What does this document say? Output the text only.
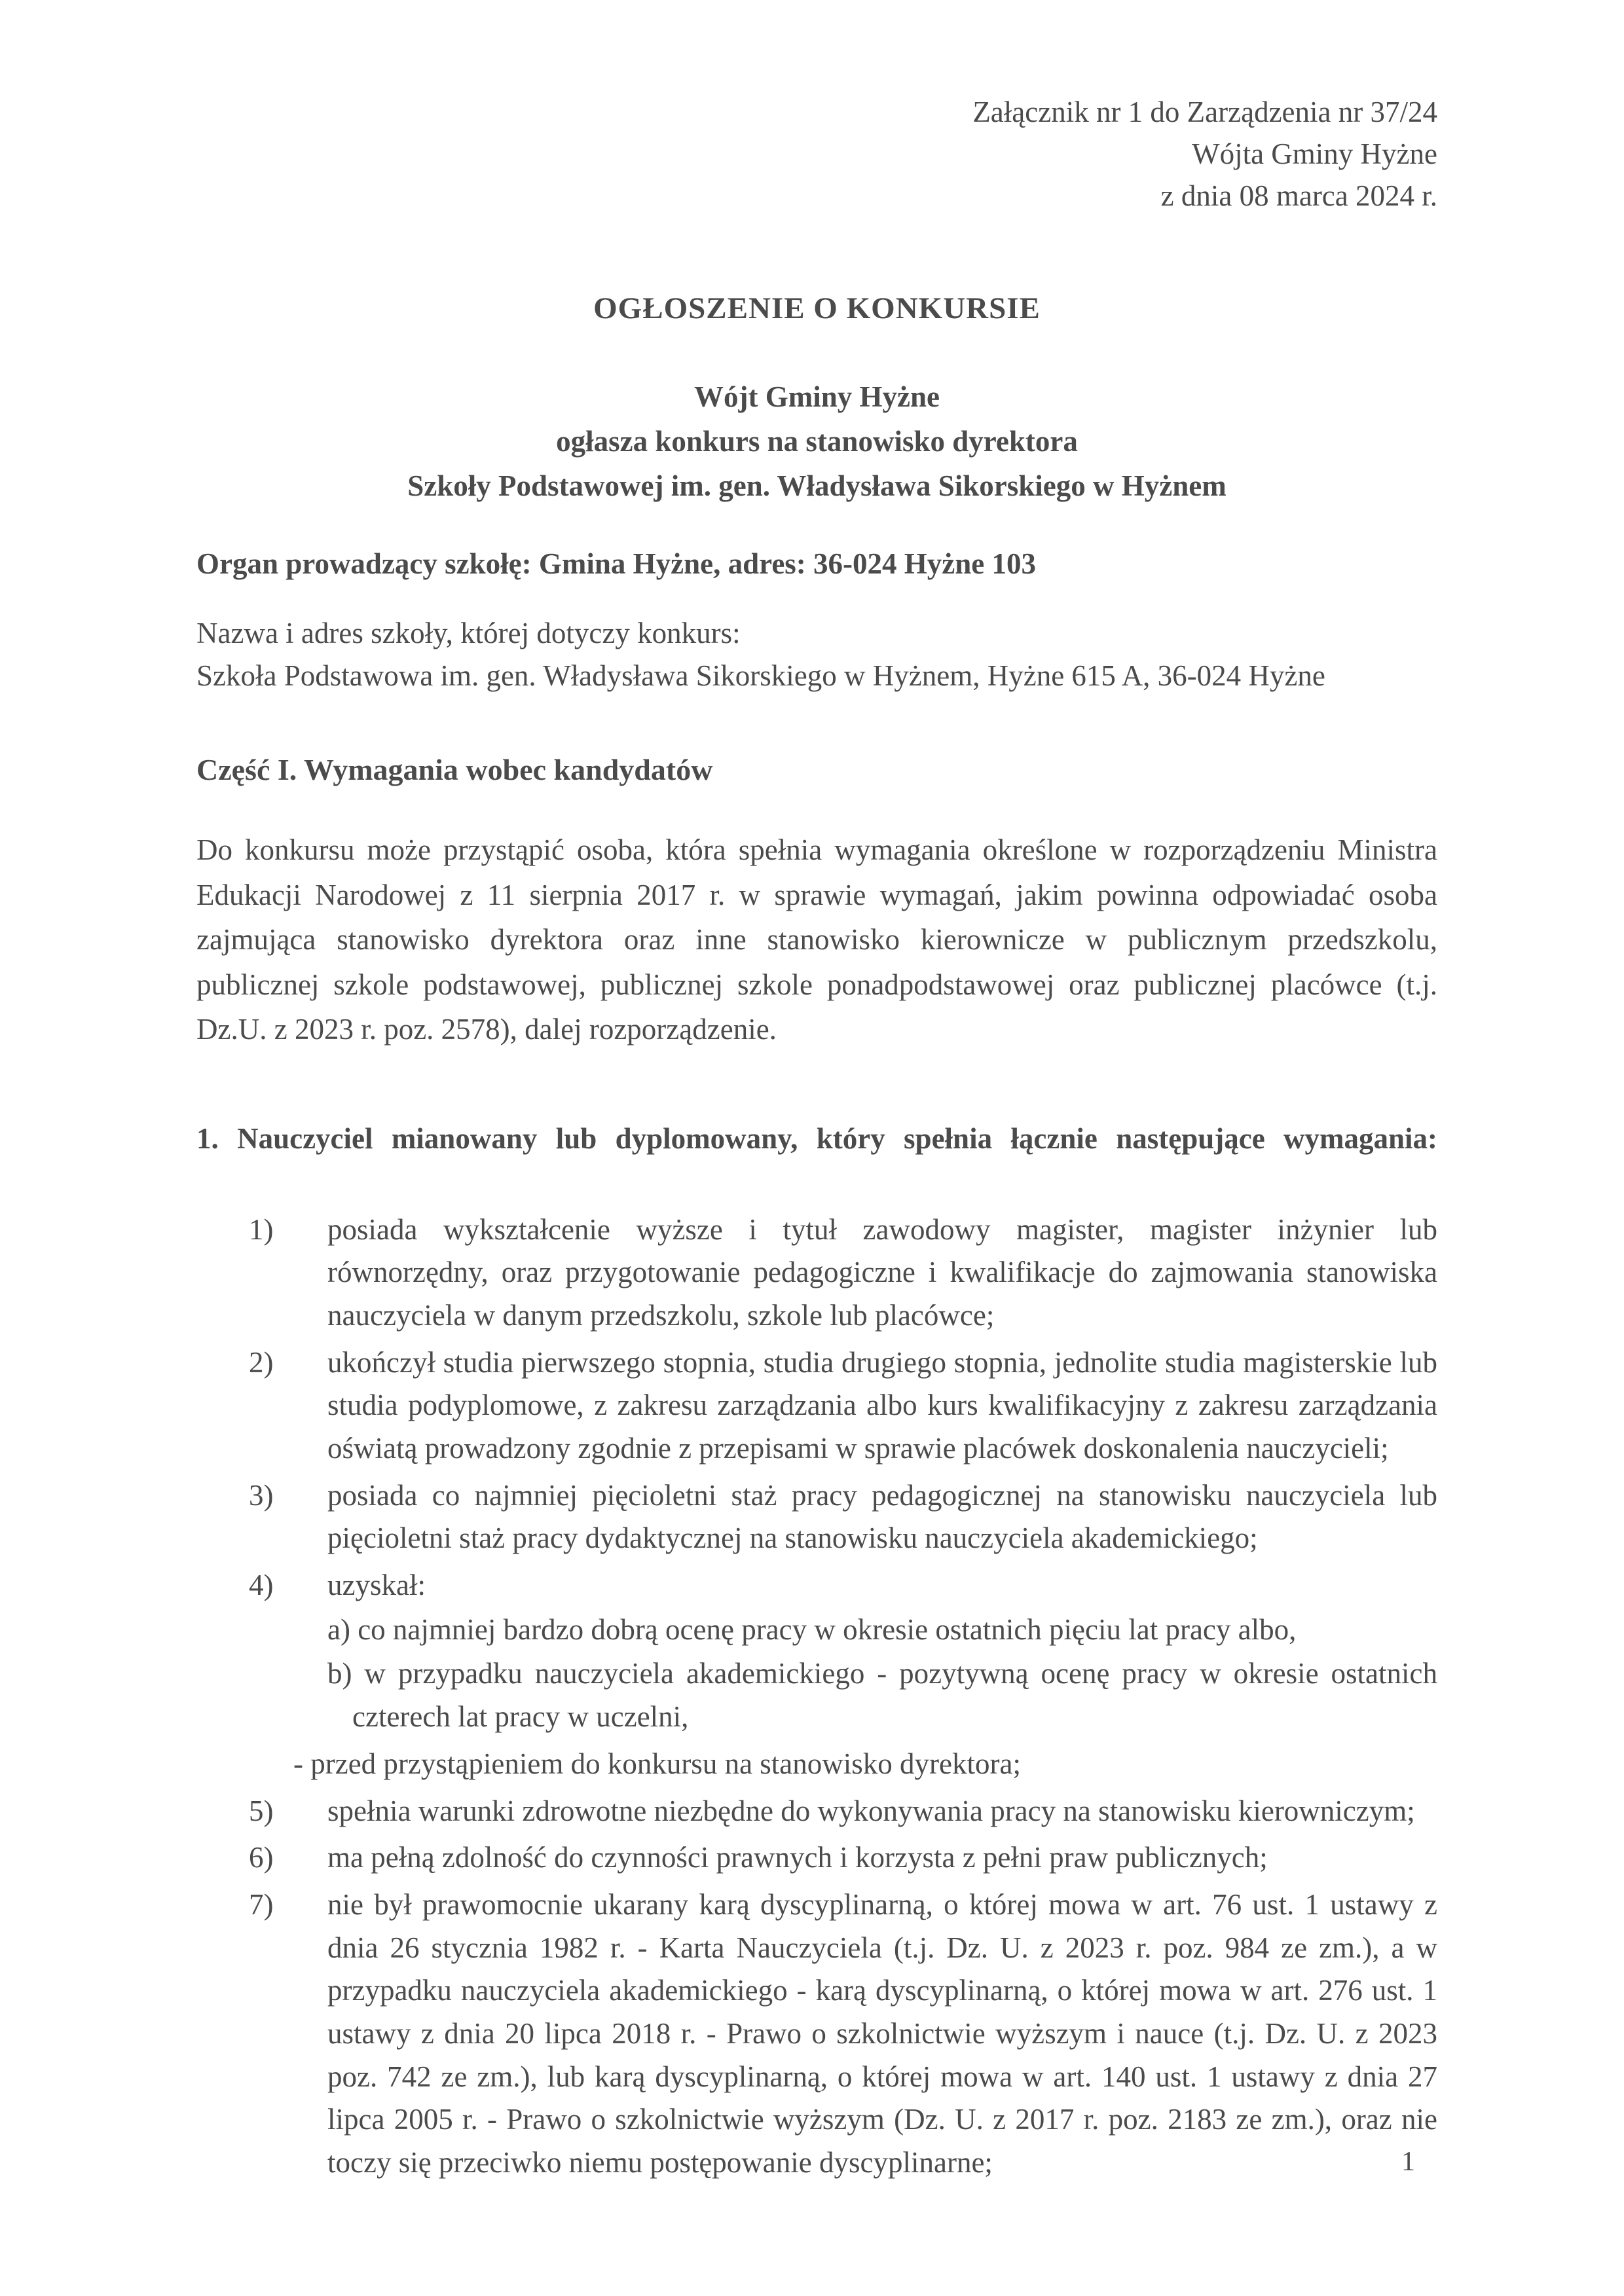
Załącznik nr 1 do Zarządzenia nr 37/24
Wójta Gminy Hyżne
z dnia 08 marca 2024 r.
OGŁOSZENIE O KONKURSIE
Wójt Gminy Hyżne
ogłasza konkurs na stanowisko dyrektora
Szkoły Podstawowej im. gen. Władysława Sikorskiego w Hyżnem
Organ prowadzący szkołę: Gmina Hyżne, adres: 36-024 Hyżne 103
Nazwa i adres szkoły, której dotyczy konkurs:
Szkoła Podstawowa im. gen. Władysława Sikorskiego w Hyżnem, Hyżne 615 A, 36-024 Hyżne
Część I. Wymagania wobec kandydatów
Do konkursu może przystąpić osoba, która spełnia wymagania określone w rozporządzeniu Ministra Edukacji Narodowej z 11 sierpnia 2017 r. w sprawie wymagań, jakim powinna odpowiadać osoba zajmująca stanowisko dyrektora oraz inne stanowisko kierownicze w publicznym przedszkolu, publicznej szkole podstawowej, publicznej szkole ponadpodstawowej oraz publicznej placówce (t.j. Dz.U. z 2023 r. poz. 2578), dalej rozporządzenie.
1. Nauczyciel mianowany lub dyplomowany, który spełnia łącznie następujące wymagania:
1)	posiada wykształcenie wyższe i tytuł zawodowy magister, magister inżynier lub równorzędny, oraz przygotowanie pedagogiczne i kwalifikacje do zajmowania stanowiska nauczyciela w danym przedszkolu, szkole lub placówce;
2)	ukończył studia pierwszego stopnia, studia drugiego stopnia, jednolite studia magisterskie lub studia podyplomowe, z zakresu zarządzania albo kurs kwalifikacyjny z zakresu zarządzania oświatą prowadzony zgodnie z przepisami w sprawie placówek doskonalenia nauczycieli;
3)	posiada co najmniej pięcioletni staż pracy pedagogicznej na stanowisku nauczyciela lub pięcioletni staż pracy dydaktycznej na stanowisku nauczyciela akademickiego;
4)	uzyskał:
a) co najmniej bardzo dobrą ocenę pracy w okresie ostatnich pięciu lat pracy albo,
b) w przypadku nauczyciela akademickiego - pozytywną ocenę pracy w okresie ostatnich czterech lat pracy w uczelni,
- przed przystąpieniem do konkursu na stanowisko dyrektora;
5)	spełnia warunki zdrowotne niezbędne do wykonywania pracy na stanowisku kierowniczym;
6)	ma pełną zdolność do czynności prawnych i korzysta z pełni praw publicznych;
7)	nie był prawomocnie ukarany karą dyscyplinarną, o której mowa w art. 76 ust. 1 ustawy z dnia 26 stycznia 1982 r. - Karta Nauczyciela (t.j. Dz. U. z 2023 r. poz. 984 ze zm.), a w przypadku nauczyciela akademickiego - karą dyscyplinarną, o której mowa w art. 276 ust. 1 ustawy z dnia 20 lipca 2018 r. - Prawo o szkolnictwie wyższym i nauce (t.j. Dz. U. z 2023 poz. 742 ze zm.), lub karą dyscyplinarną, o której mowa w art. 140 ust. 1 ustawy z dnia 27 lipca 2005 r. - Prawo o szkolnictwie wyższym (Dz. U. z 2017 r. poz. 2183 ze zm.), oraz nie toczy się przeciwko niemu postępowanie dyscyplinarne;	1
